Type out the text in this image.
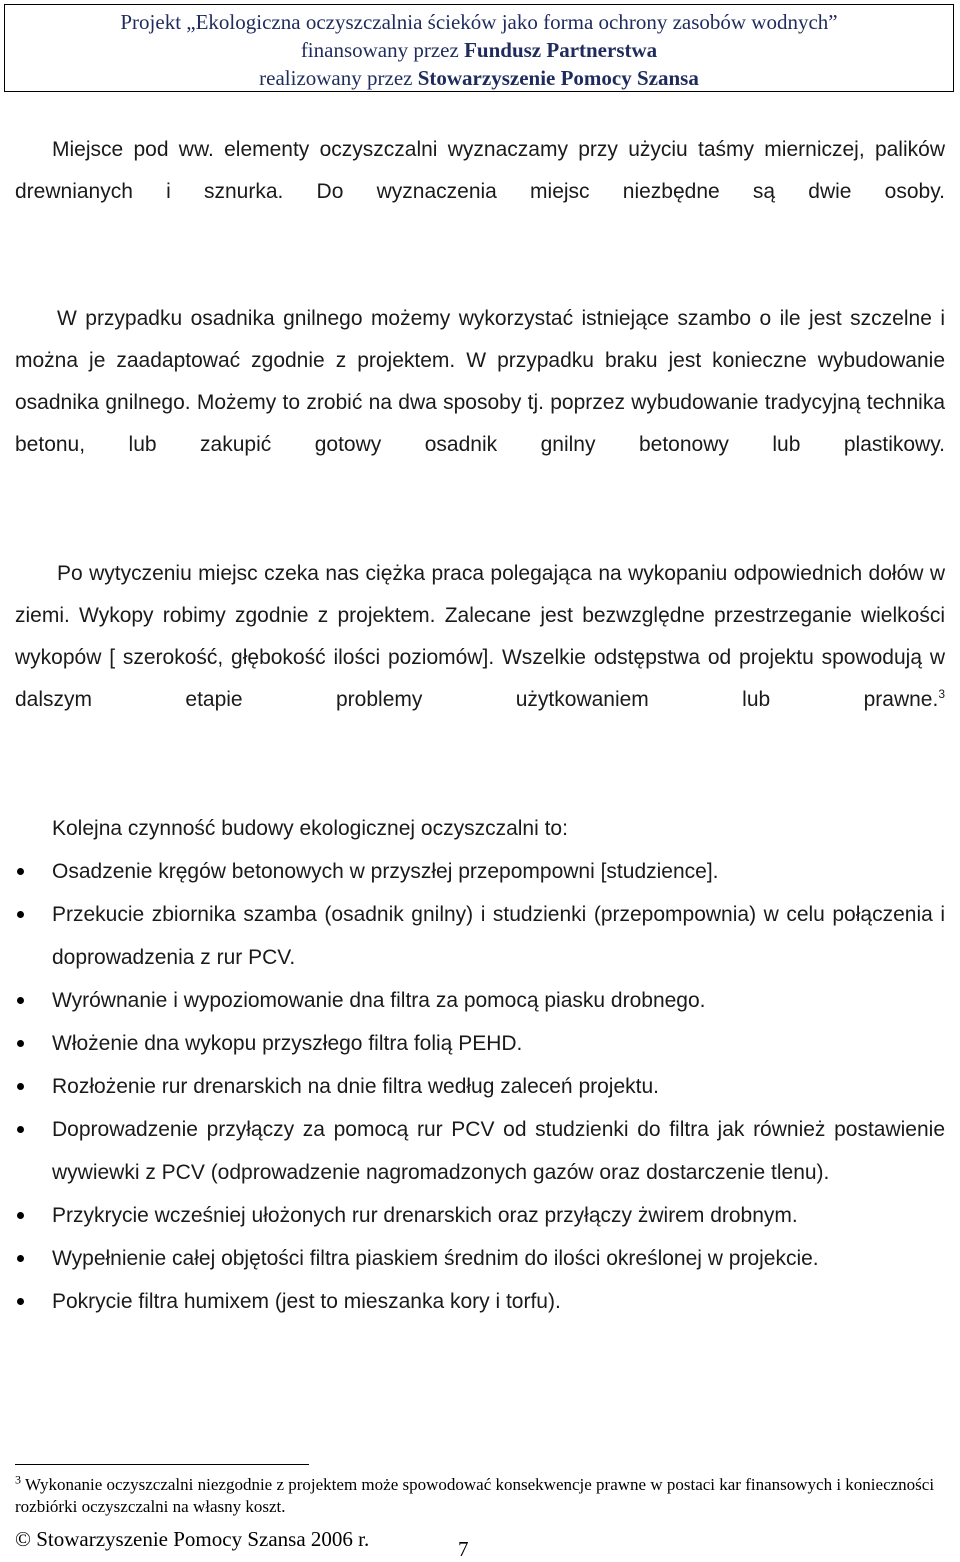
Projekt „Ekologiczna oczyszczalnia ścieków jako forma ochrony zasobów wodnych”
finansowany przez Fundusz Partnerstwa
realizowany przez Stowarzyszenie Pomocy Szansa
Miejsce pod ww. elementy oczyszczalni wyznaczamy przy użyciu taśmy mierniczej, palików drewnianych i sznurka. Do wyznaczenia miejsc niezbędne są dwie osoby.
W przypadku osadnika gnilnego możemy wykorzystać istniejące szambo o ile jest szczelne i można je zaadaptować zgodnie z projektem. W przypadku braku jest konieczne wybudowanie osadnika gnilnego. Możemy to zrobić na dwa sposoby tj. poprzez wybudowanie tradycyjną technika betonu, lub zakupić gotowy osadnik gnilny betonowy lub plastikowy.
Po wytyczeniu miejsc czeka nas ciężka praca polegająca na wykopaniu odpowiednich dołów w ziemi. Wykopy robimy zgodnie z projektem. Zalecane jest bezwzględne przestrzeganie wielkości wykopów [ szerokość, głębokość ilości poziomów]. Wszelkie odstępstwa od projektu spowodują w dalszym etapie problemy użytkowaniem lub prawne.$^3$
Kolejna czynność budowy ekologicznej oczyszczalni to:
Osadzenie kręgów betonowych w przyszłej przepompowni [studzience].
Przekucie zbiornika szamba (osadnik gnilny) i studzienki (przepompownia) w celu połączenia i doprowadzenia z rur PCV.
Wyrównanie i wypoziomowanie dna filtra za pomocą piasku drobnego.
Włożenie dna wykopu przyszłego filtra folią PEHD.
Rozłożenie rur drenarskich na dnie filtra według zaleceń projektu.
Doprowadzenie przyłączy za pomocą rur PCV od studzienki do filtra jak również postawienie wywiewki z PCV (odprowadzenie nagromadzonych gazów oraz dostarczenie tlenu).
Przykrycie wcześniej ułożonych rur drenarskich oraz przyłączy żwirem drobnym.
Wypełnienie całej objętości filtra piaskiem średnim do ilości określonej w projekcie.
Pokrycie filtra humixem (jest to mieszanka kory i torfu).
$^3$ Wykonanie oczyszczalni niezgodnie z projektem może spowodować konsekwencje prawne w postaci kar finansowych i konieczności rozbiórki oczyszczalni na własny koszt.
© Stowarzyszenie Pomocy Szansa 2006 r.	7
